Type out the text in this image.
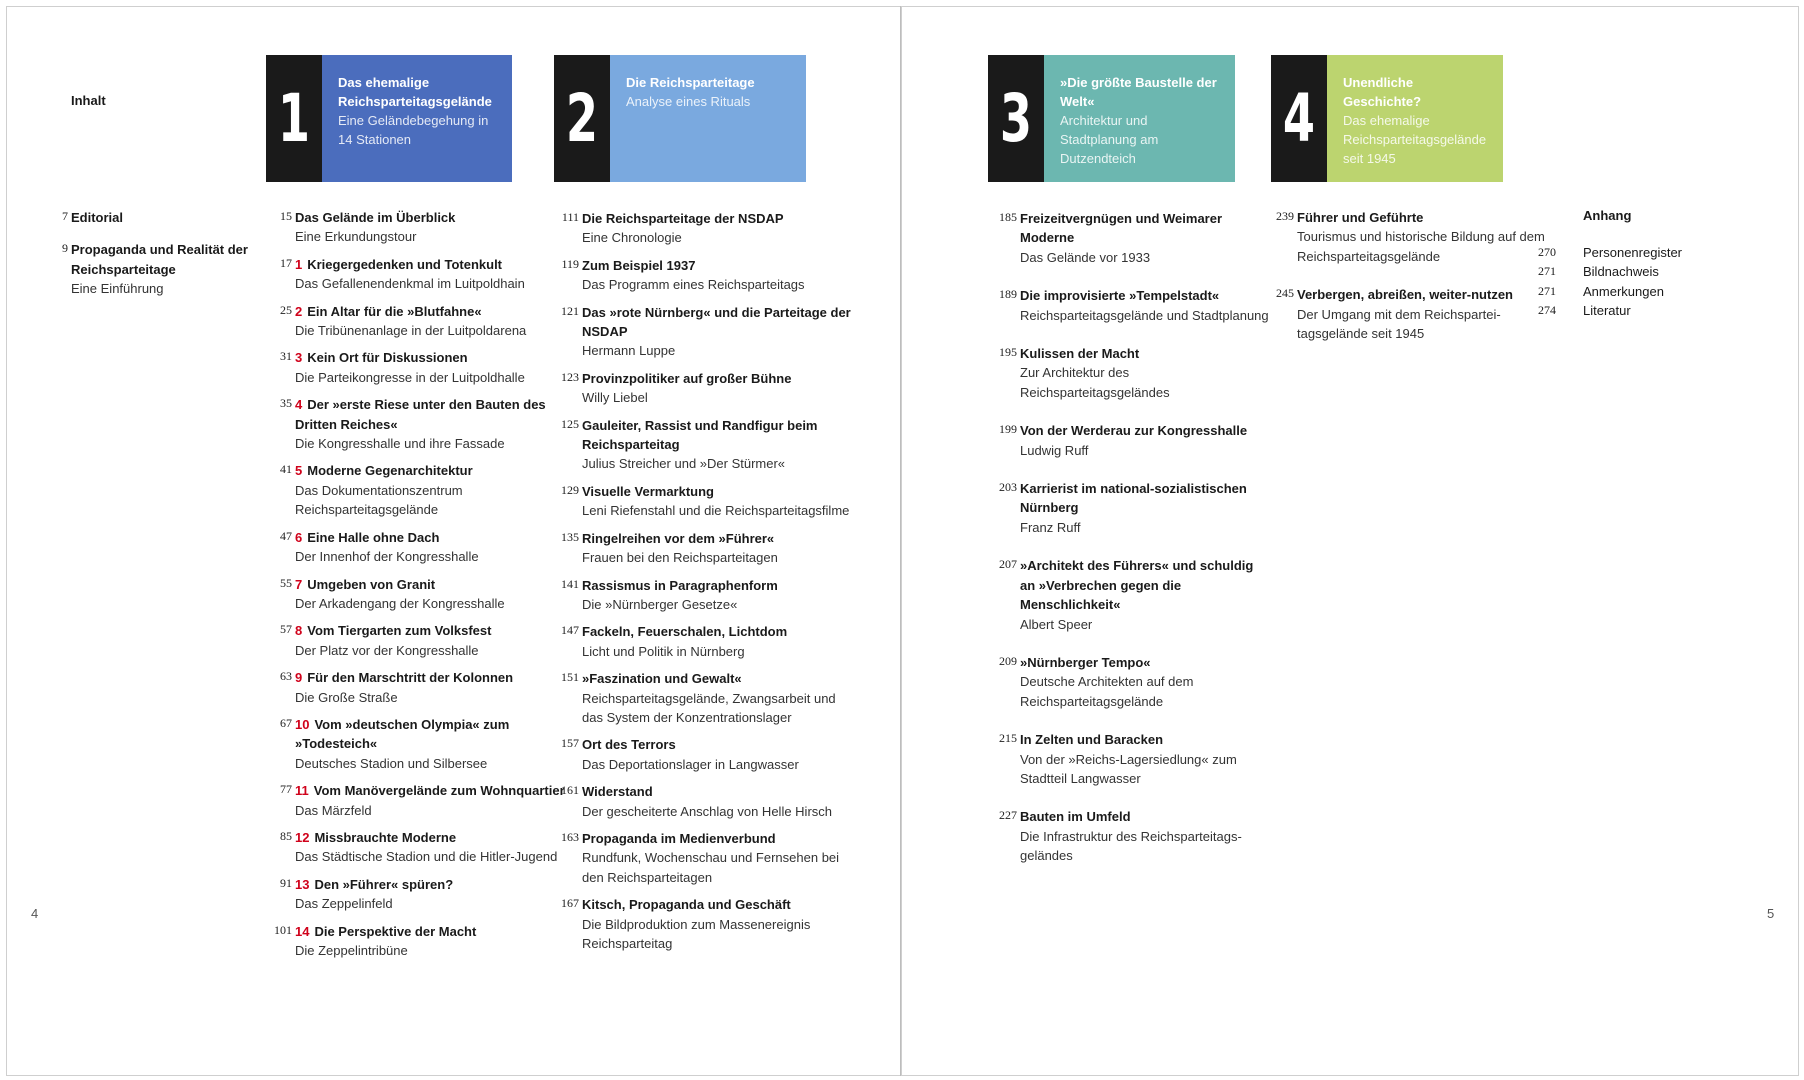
Inhalt
4	5
1 Das ehemalige Reichsparteitagsgelände
Eine Geländebegehung in 14 Stationen	2 Die Reichsparteitage
Analyse eines Rituals	3 »Die größte Baustelle der Welt«
Architektur und Stadtplanung am Dutzendteich
4 Unendliche Geschichte?
Das ehemalige Reichsparteitagsgelände seit 1945
7 Editorial
9 Propaganda und Realität der Reichsparteitage
Eine Einführung
15 Das Gelände im Überblick
Eine Erkundungstour
17 1 Kriegergedenken und Totenkult
Das Gefallenendenkmal im Luitpoldhain
25 2 Ein Altar für die »Blutfahne«
Die Tribünenanlage in der Luitpoldarena
31 3 Kein Ort für Diskussionen
Die Parteikongresse in der Luitpoldhalle
35 4 Der »erste Riese unter den Bauten des Dritten Reiches«
Die Kongresshalle und ihre Fassade
41 5 Moderne Gegenarchitektur
Das Dokumentationszentrum Reichsparteitagsgelände
47 6 Eine Halle ohne Dach
Der Innenhof der Kongresshalle
55 7 Umgeben von Granit
Der Arkadengang der Kongresshalle
57 8 Vom Tiergarten zum Volksfest
Der Platz vor der Kongresshalle
63 9 Für den Marschtritt der Kolonnen
Die Große Straße
67 10 Vom »deutschen Olympia« zum »Todesteich«
Deutsches Stadion und Silbersee
77 11 Vom Manövergelände zum Wohnquartier
Das Märzfeld
85 12 Missbrauchte Moderne
Das Städtische Stadion und die Hitler-Jugend
91 13 Den »Führer« spüren?
Das Zeppelinfeld
101 14 Die Perspektive der Macht
Die Zeppelintribüne
111 Die Reichsparteitage der NSDAP
Eine Chronologie
119 Zum Beispiel 1937
Das Programm eines Reichsparteitags
121 Das »rote Nürnberg« und die Parteitage der NSDAP
Hermann Luppe
123 Provinzpolitiker auf großer Bühne
Willy Liebel
125 Gauleiter, Rassist und Randfigur beim Reichsparteitag
Julius Streicher und »Der Stürmer«
129 Visuelle Vermarktung
Leni Riefenstahl und die Reichsparteitagsfilme
135 Ringelreihen vor dem »Führer«
Frauen bei den Reichsparteitagen
141 Rassismus in Paragraphenform
Die »Nürnberger Gesetze«
147 Fackeln, Feuerschalen, Lichtdom
Licht und Politik in Nürnberg
151 »Faszination und Gewalt«
Reichsparteitagsgelände, Zwangsarbeit und das System der Konzentrationslager
157 Ort des Terrors
Das Deportationslager in Langwasser
161 Widerstand
Der gescheiterte Anschlag von Helle Hirsch
163 Propaganda im Medienverbund
Rundfunk, Wochenschau und Fernsehen bei den Reichsparteitagen
167 Kitsch, Propaganda und Geschäft
Die Bildproduktion zum Massenereignis Reichsparteitag
185 Freizeitvergnügen und Weimarer Moderne
Das Gelände vor 1933
189 Die improvisierte »Tempelstadt«
Reichsparteitagsgelände und Stadtplanung
195 Kulissen der Macht
Zur Architektur des Reichsparteitagsgeländes
199 Von der Werderau zur Kongresshalle
Ludwig Ruff
203 Karrierist im national-sozialistischen Nürnberg
Franz Ruff
207 »Architekt des Führers« und schuldig an »Verbrechen gegen die Menschlichkeit«
Albert Speer
209 »Nürnberger Tempo«
Deutsche Architekten auf dem Reichsparteitagsgelände
215 In Zelten und Baracken
Von der »Reichs-Lagersiedlung« zum Stadtteil Langwasser
227 Bauten im Umfeld
Die Infrastruktur des Reichsparteitags-geländes
239 Führer und Geführte
Tourismus und historische Bildung auf dem Reichsparteitagsgelände
245 Verbergen, abreißen, weiter-nutzen
Der Umgang mit dem Reichspartei-tagsgelände seit 1945
Anhang
270	Personenregister
271	Bildnachweis
271	Anmerkungen
274	Literatur
